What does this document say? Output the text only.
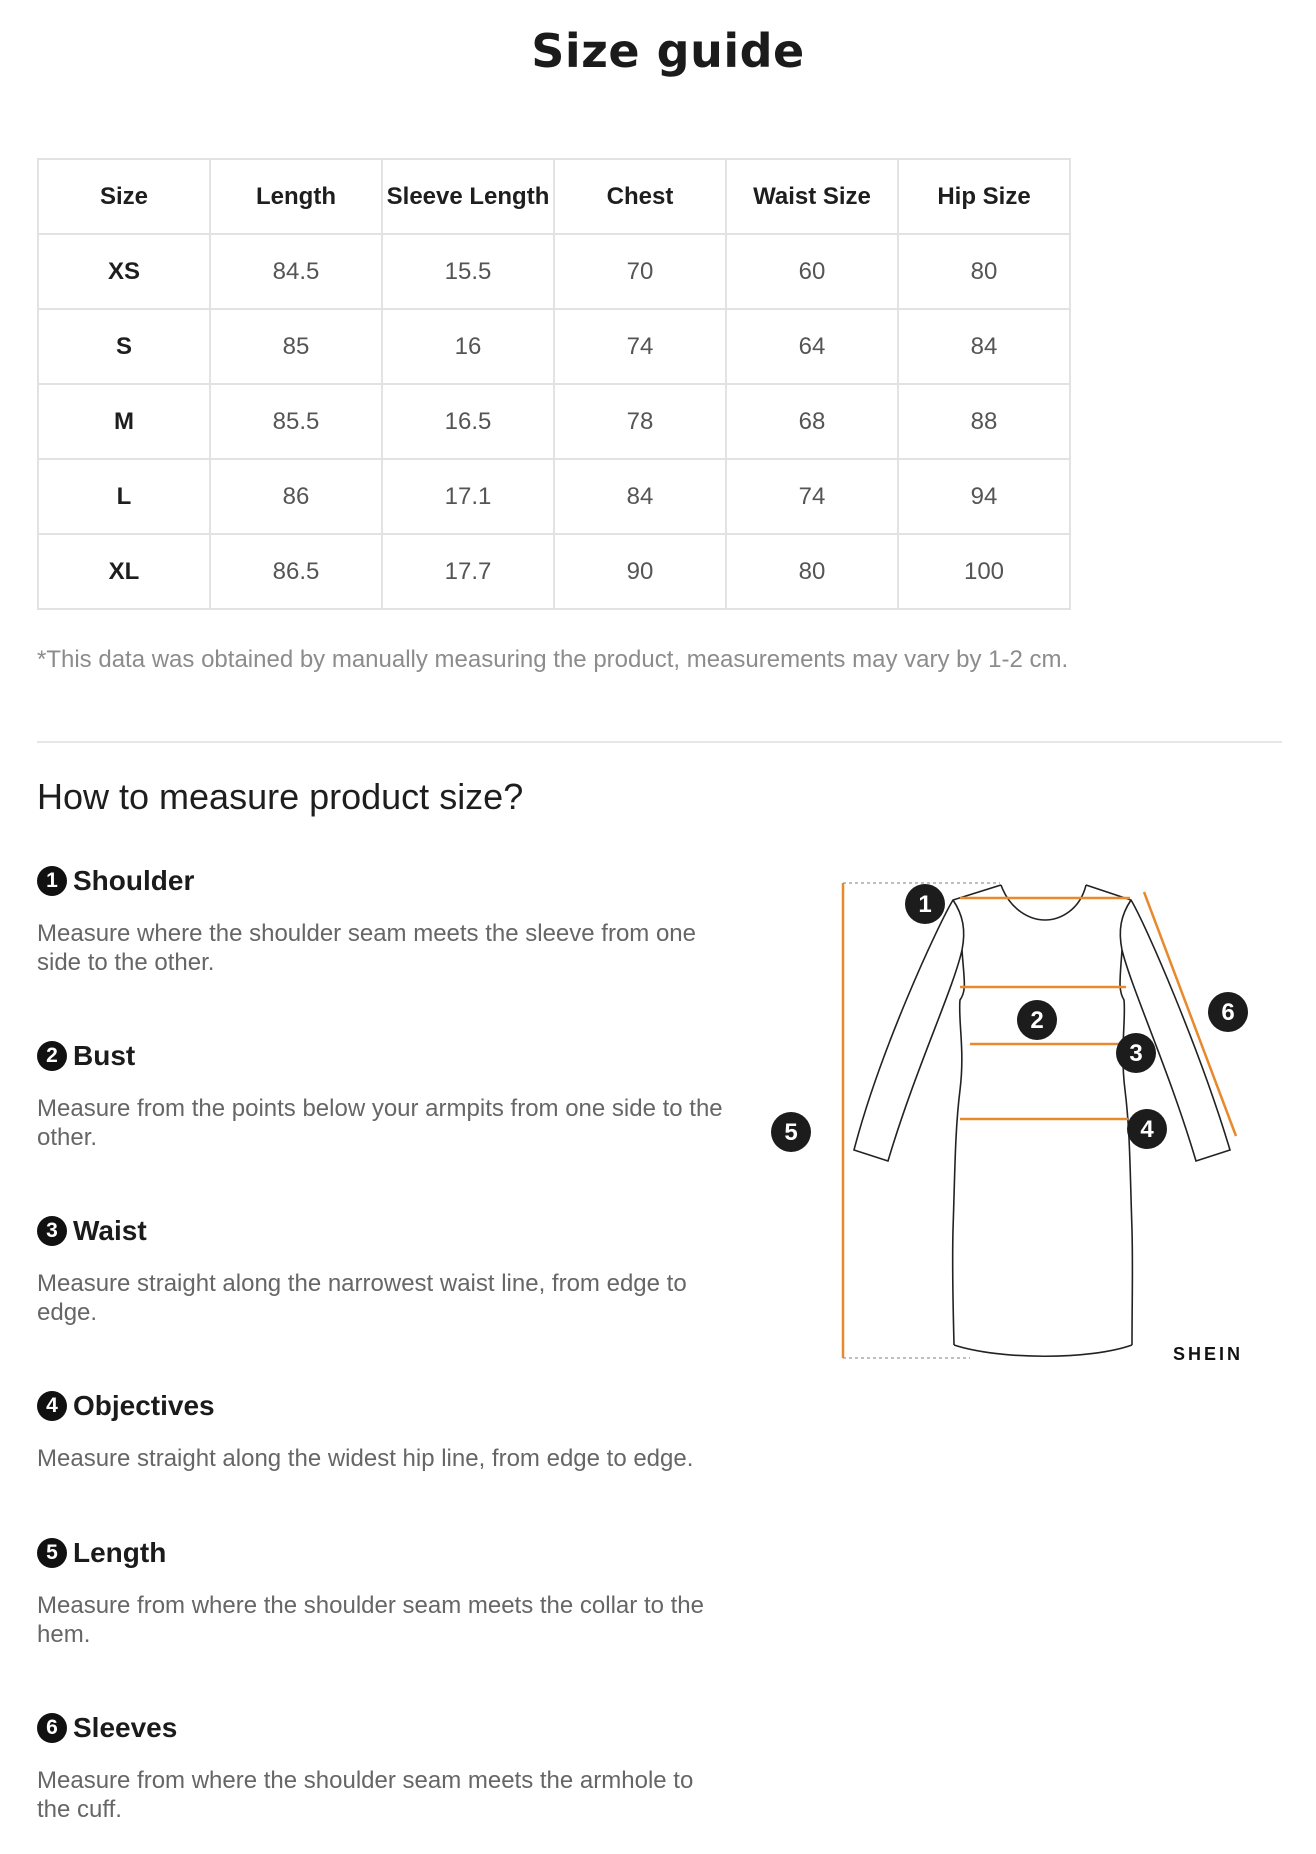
Size guide
Size	Length	Sleeve Length	Chest	Waist Size	Hip Size
XS	84.5	15.5	70	60	80
S	85	16	74	64	84
M	85.5	16.5	78	68	88
L	86	17.1	84	74	94
XL	86.5	17.7	90	80	100
*This data was obtained by manually measuring the product, measurements may vary by 1-2 cm.
How to measure product size?
1 Shoulder
Measure where the shoulder seam meets the sleeve from one side to the other.
2 Bust
Measure from the points below your armpits from one side to the other.
3 Waist
Measure straight along the narrowest waist line, from edge to edge.
4 Objectives
Measure straight along the widest hip line, from edge to edge.
5 Length
Measure from where the shoulder seam meets the collar to the hem.
6 Sleeves
Measure from where the shoulder seam meets the armhole to the cuff.
1
2
3
4
5
6
SHEIN
